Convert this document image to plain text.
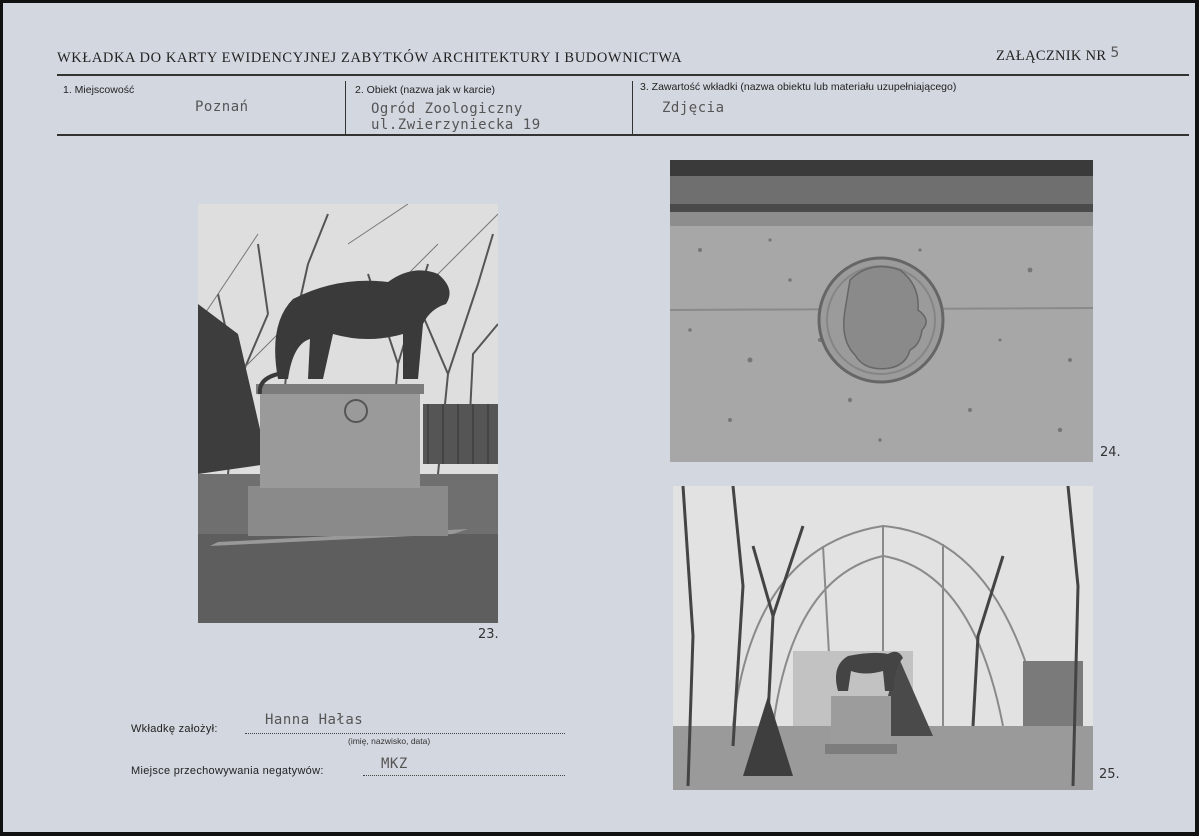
WKŁADKA DO KARTY EWIDENCYJNEJ ZABYTKÓW ARCHITEKTURY I BUDOWNICTWA	ZAŁĄCZNIK NR 5
1. Miejscowość
Poznań
2. Obiekt (nazwa jak w karcie)
Ogród Zoologiczny
ul.Zwierzyniecka 19
3. Zawartość wkładki (nazwa obiektu lub materiału uzupełniającego)
Zdjęcia
23.
24.
25.
Wkładkę założył:
Hanna Hałas
(imię, nazwisko, data)
Miejsce przechowywania negatywów:	MKZ
